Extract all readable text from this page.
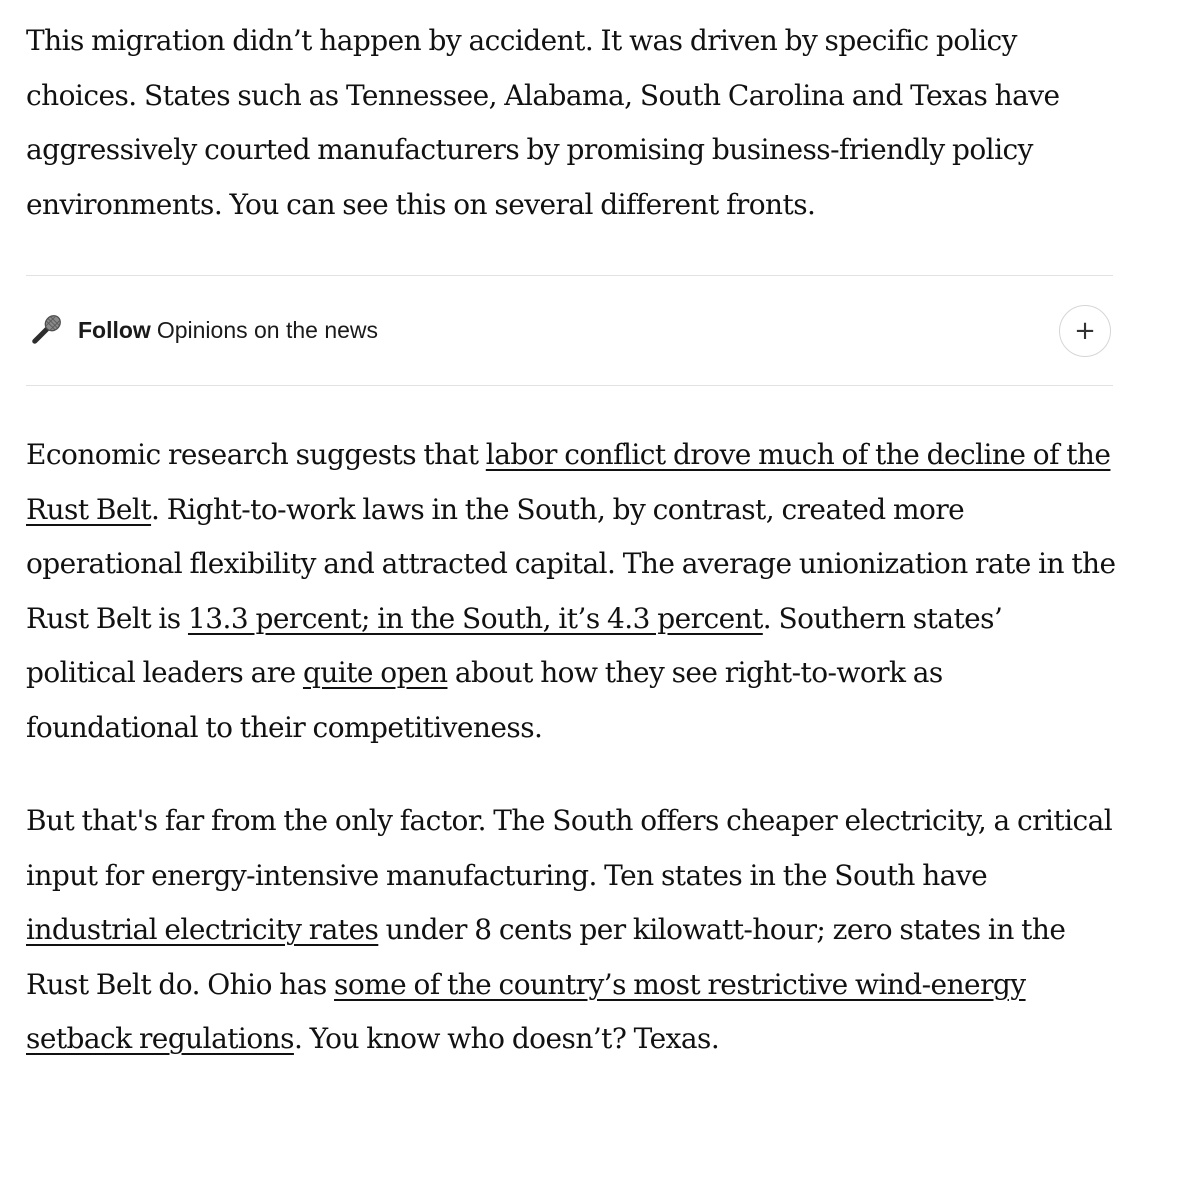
This migration didn’t happen by accident. It was driven by specific policy choices. States such as Tennessee, Alabama, South Carolina and Texas have aggressively courted manufacturers by promising business-friendly policy environments. You can see this on several different fronts.

Follow Opinions on the news	+

Economic research suggests that labor conflict drove much of the decline of the Rust Belt. Right-to-work laws in the South, by contrast, created more operational flexibility and attracted capital. The average unionization rate in the Rust Belt is 13.3 percent; in the South, it’s 4.3 percent. Southern states’ political leaders are quite open about how they see right-to-work as foundational to their competitiveness.

But that's far from the only factor. The South offers cheaper electricity, a critical input for energy-intensive manufacturing. Ten states in the South have industrial electricity rates under 8 cents per kilowatt-hour; zero states in the Rust Belt do. Ohio has some of the country’s most restrictive wind-energy setback regulations. You know who doesn’t? Texas.
